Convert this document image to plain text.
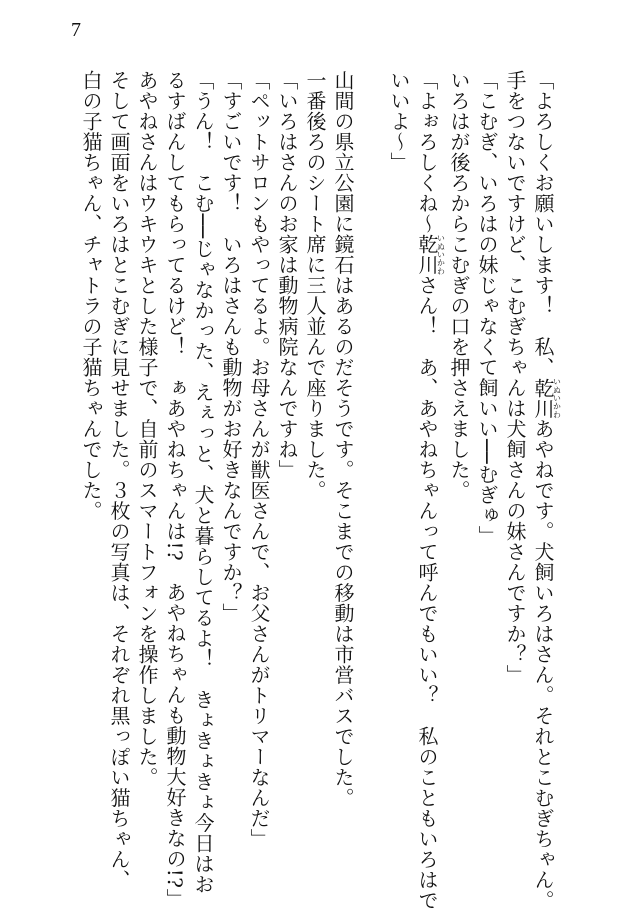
7
「よろしくお願いします！　私、乾川いぬいかわあやねです。犬飼いろはさん。それとこむぎちゃん。
手をつないですけど、こむぎちゃんは犬飼さんの妹さんですか？」
「こむぎ、いろはの妹じゃなくて飼いい──むぎゅ」
いろはが後ろからこむぎの口を押さえました。
「よぉろしくね～乾川いぬいかわさん！　あ、あやねちゃんって呼んでもいい？　私のこともいろはで
いいよ～」
山間の県立公園に鏡石はあるのだそうです。そこまでの移動は市営バスでした。
一番後ろのシート席に三人並んで座りました。
「いろはさんのお家は動物病院なんですね」
「ペットサロンもやってるよ。お母さんが獣医さんで、お父さんがトリマーなんだ」
「すごいです！　いろはさんも動物がお好きなんですか？」
「うん！　こむ──じゃなかった、えぇっと、犬と暮らしてるよ！　きょきょきょ今日はお
るすばんしてもらってるけど！　ぁあやねちゃんは!?　あやねちゃんも動物大好きなの!?」
あやねさんはウキウキとした様子で、自前のスマートフォンを操作しました。
そして画面をいろはとこむぎに見せました。３枚の写真は、それぞれ黒っぽい猫ちゃん、
白の子猫ちゃん、チャトラの子猫ちゃんでした。
